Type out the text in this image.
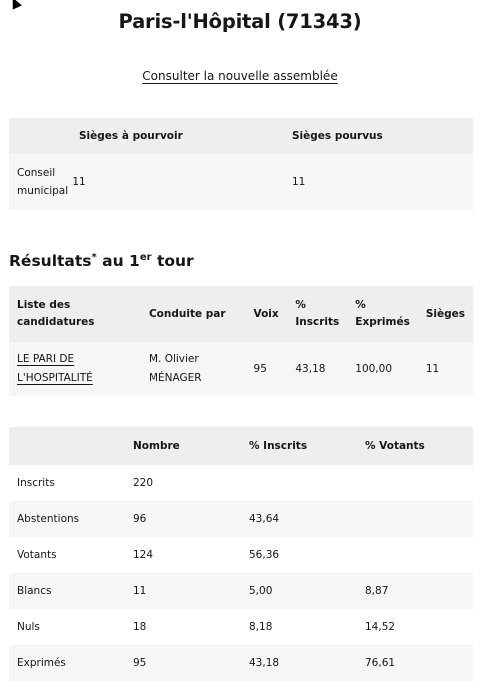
Paris-l'Hôpital (71343)
Consulter la nouvelle assemblée
Sièges à pourvoir	Sièges pourvus
Conseil municipal 11	11
Résultats* au 1er tour
Liste des candidatures	Conduite par	Voix	% Inscrits	% Exprimés	Sièges
LE PARI DE L'HOSPITALITÉ	M. Olivier MÉNAGER	95	43,18	100,00	11
	Nombre	% Inscrits	% Votants
Inscrits	220		
Abstentions	96	43,64	
Votants	124	56,36	
Blancs	11	5,00	8,87
Nuls	18	8,18	14,52
Exprimés	95	43,18	76,61
